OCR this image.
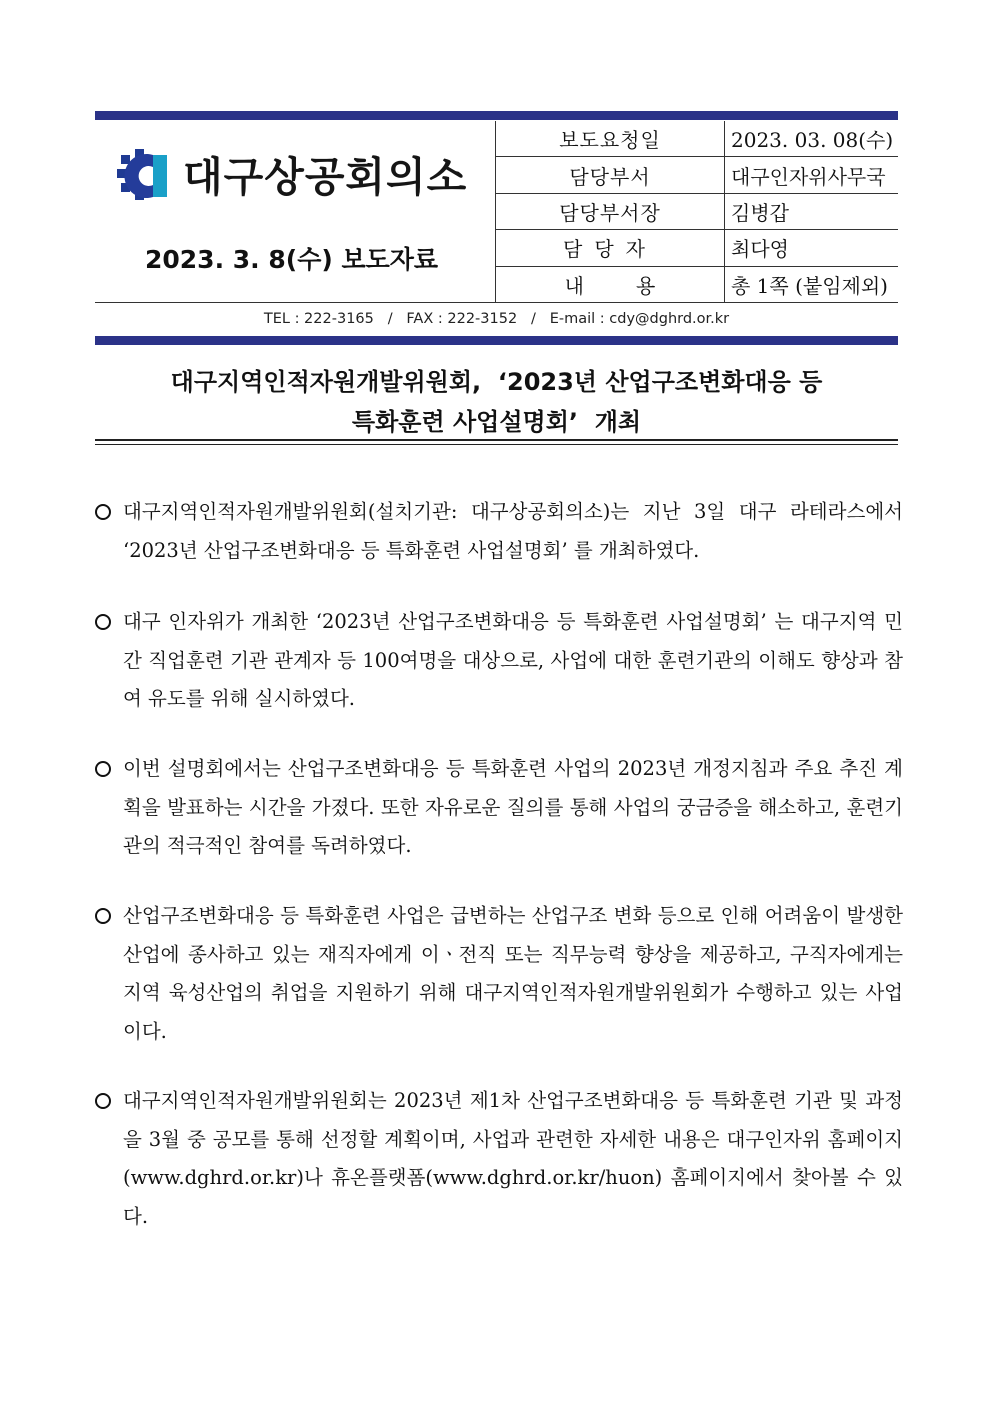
대구상공회의소
2023. 3. 8(수) 보도자료
보도요청일	2023. 03. 08(수)
담당부서	대구인자위사무국
담당부서장	김병갑
담당자	최다영
내용	총 1쪽 (붙임제외)
TEL : 222-3165   /   FAX : 222-3152   /   E-mail : cdy@dghrd.or.kr
대구지역인적자원개발위원회,  ‘2023년 산업구조변화대응 등
특화훈련 사업설명회’  개최

대구지역인적자원개발위원회(설치기관: 대구상공회의소)는 지난 3일 대구 라테라스에서 ‘2023년 산업구조변화대응 등 특화훈련 사업설명회’ 를 개최하였다.

대구 인자위가 개최한 ‘2023년 산업구조변화대응 등 특화훈련 사업설명회’ 는 대구지역 민간 직업훈련 기관 관계자 등 100여명을 대상으로, 사업에 대한 훈련기관의 이해도 향상과 참여 유도를 위해 실시하였다.

이번 설명회에서는 산업구조변화대응 등 특화훈련 사업의 2023년 개정지침과 주요 추진 계획을 발표하는 시간을 가졌다. 또한 자유로운 질의를 통해 사업의 궁금증을 해소하고, 훈련기관의 적극적인 참여를 독려하였다.

산업구조변화대응 등 특화훈련 사업은 급변하는 산업구조 변화 등으로 인해 어려움이 발생한 산업에 종사하고 있는 재직자에게 이ㆍ전직 또는 직무능력 향상을 제공하고, 구직자에게는 지역 육성산업의 취업을 지원하기 위해 대구지역인적자원개발위원회가 수행하고 있는 사업이다.

대구지역인적자원개발위원회는 2023년 제1차 산업구조변화대응 등 특화훈련 기관 및 과정을 3월 중 공모를 통해 선정할 계획이며, 사업과 관련한 자세한 내용은 대구인자위 홈페이지(www.dghrd.or.kr)나 휴온플랫폼(www.dghrd.or.kr/huon) 홈페이지에서 찾아볼 수 있다.
